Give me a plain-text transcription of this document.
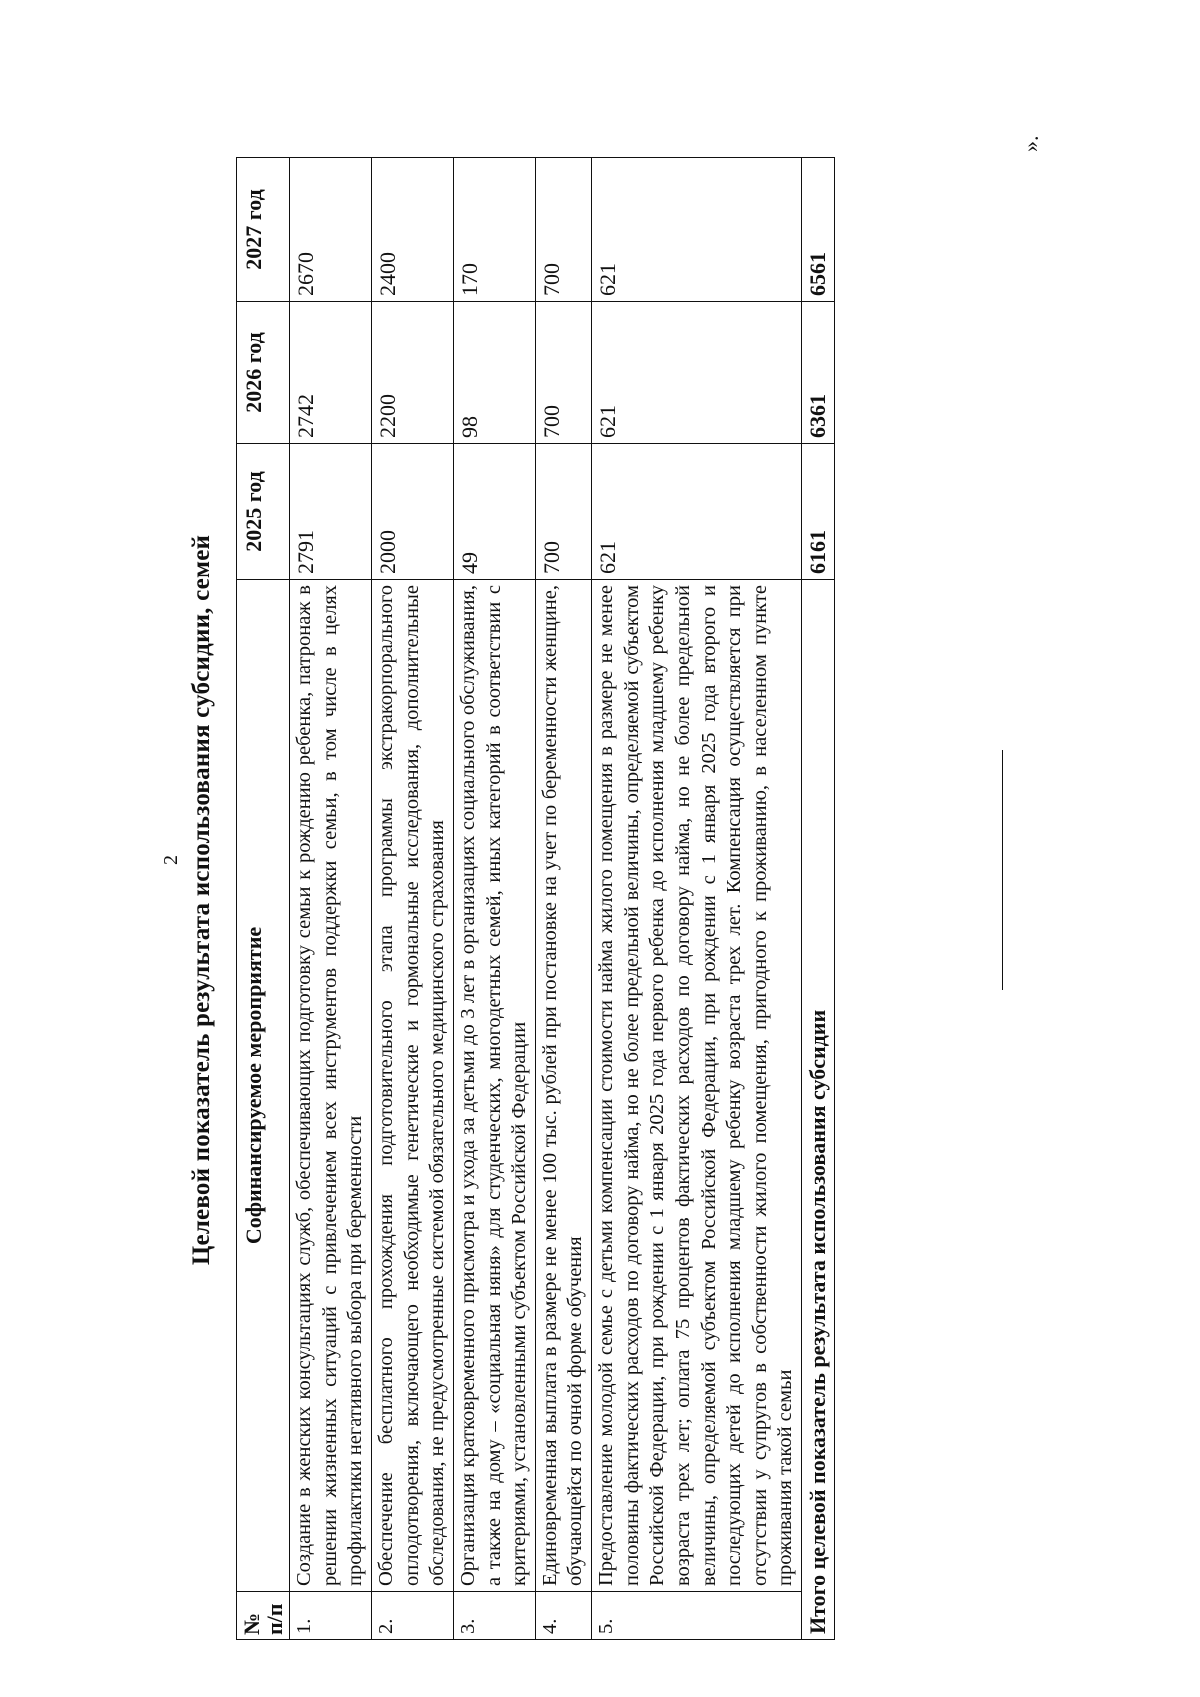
2 Целевой показатель результата использования субсидии, семей
№ п/п	Софинансируемое мероприятие	2025 год	2026 год	2027 год
1.	Создание в женских консультациях служб, обеспечивающих подготовку семьи к рождению ребенка, патронаж в решении жизненных ситуаций с привлечением всех инструментов поддержки семьи, в том числе в целях профилактики негативного выбора при беременности	2791	2742	2670
2.	Обеспечение бесплатного прохождения подготовительного этапа программы экстракорпорального оплодотворения, включающего необходимые генетические и гормональные исследования, дополнительные обследования, не предусмотренные системой обязательного медицинского страхования	2000	2200	2400
3.	Организация кратковременного присмотра и ухода за детьми до 3 лет в организациях социального обслуживания, а также на дому – «социальная няня» для студенческих, многодетных семей, иных категорий в соответствии с критериями, установленными субъектом Российской Федерации	49	98	170
4.	Единовременная выплата в размере не менее 100 тыс. рублей при постановке на учет по беременности женщине, обучающейся по очной форме обучения	700	700	700
5.	Предоставление молодой семье с детьми компенсации стоимости найма жилого помещения в размере не менее половины фактических расходов по договору найма, но не более предельной величины, определяемой субъектом Российской Федерации, при рождении с 1 января 2025 года первого ребенка до исполнения младшему ребенку возраста трех лет; оплата 75 процентов фактических расходов по договору найма, но не более предельной величины, определяемой субъектом Российской Федерации, при рождении с 1 января 2025 года второго и последующих детей до исполнения младшему ребенку возраста трех лет. Компенсация осуществляется при отсутствии у супругов в собственности жилого помещения, пригодного к проживанию, в населенном пункте проживания такой семьи	621	621	621
Итого целевой показатель результата использования субсидии		6161	6361	6561
».
